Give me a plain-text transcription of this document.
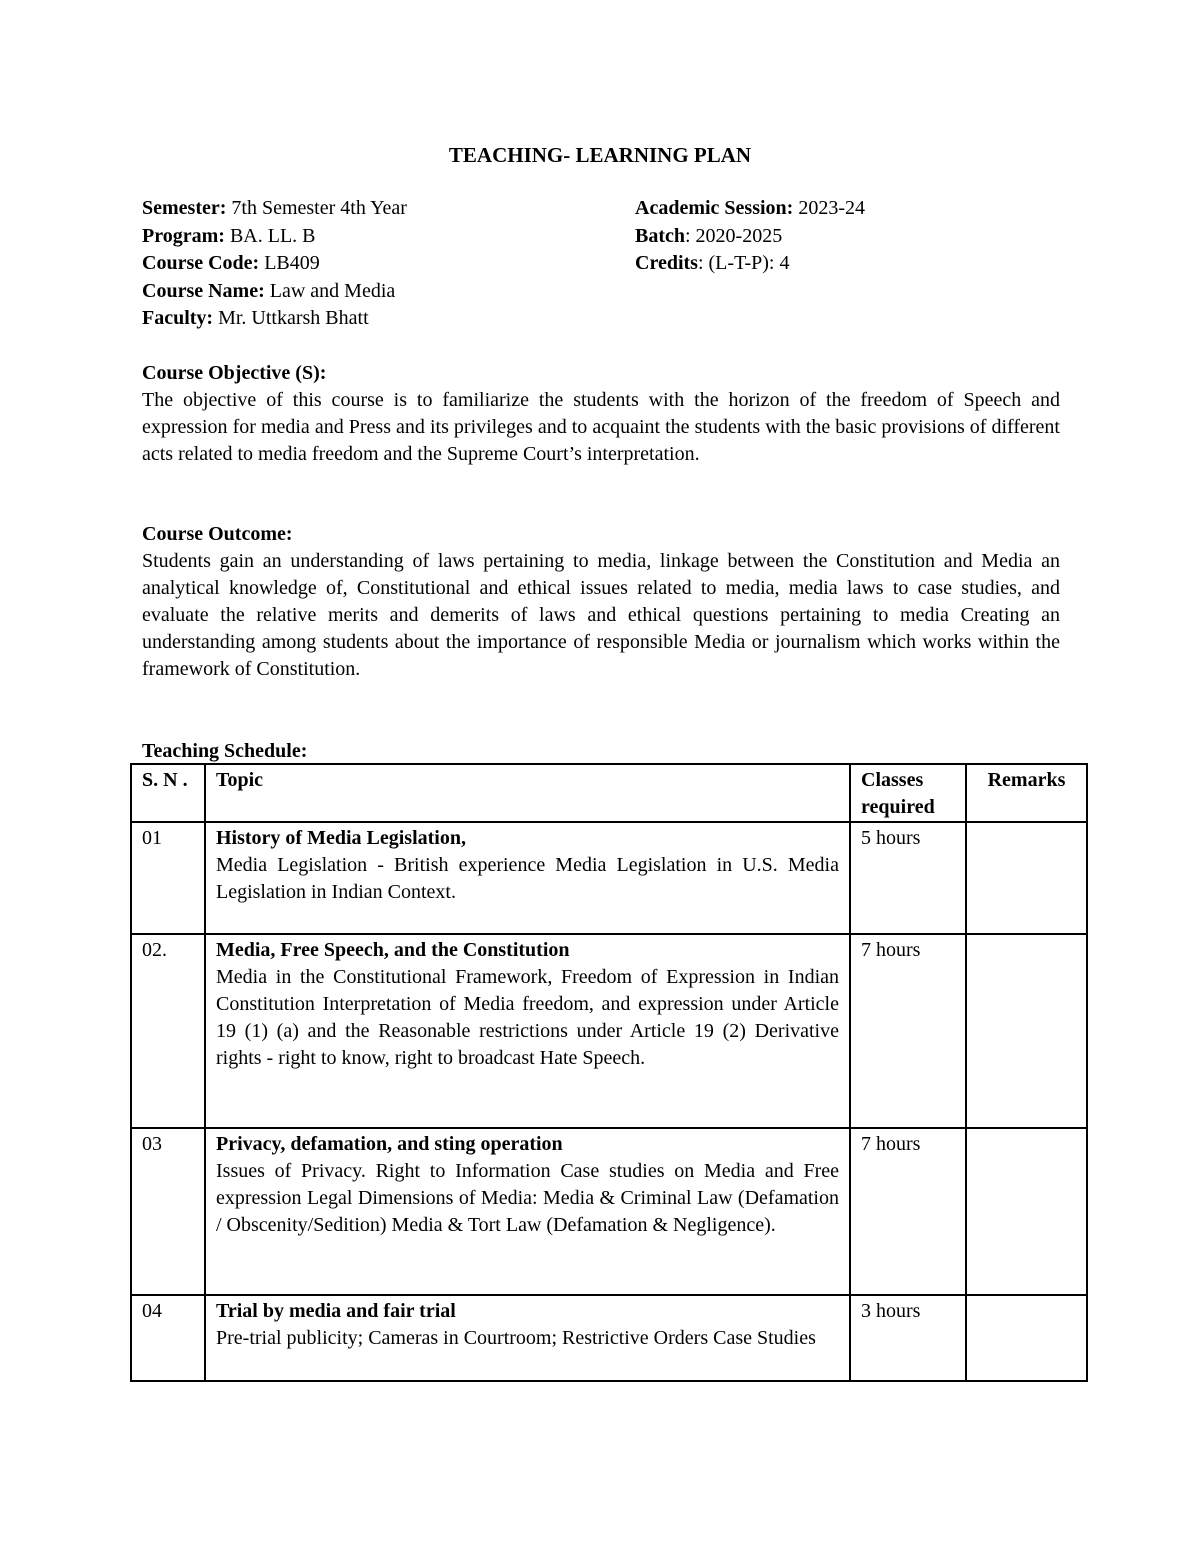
TEACHING- LEARNING PLAN
Semester: 7th Semester 4th Year
Program: BA. LL. B
Course Code: LB409
Course Name: Law and Media
Faculty: Mr. Uttkarsh Bhatt
Academic Session: 2023-24
Batch: 2020-2025
Credits: (L-T-P): 4
Course Objective (S):
The objective of this course is to familiarize the students with the horizon of the freedom of Speech and expression for media and Press and its privileges and to acquaint the students with the basic provisions of different acts related to media freedom and the Supreme Court’s interpretation.
Course Outcome:
Students gain an understanding of laws pertaining to media, linkage between the Constitution and Media an analytical knowledge of, Constitutional and ethical issues related to media, media laws to case studies, and evaluate the relative merits and demerits of laws and ethical questions pertaining to media Creating an understanding among students about the importance of responsible Media or journalism which works within the framework of Constitution.
Teaching Schedule:
S. N .	Topic	Classes required	Remarks
01	History of Media Legislation,
Media Legislation - British experience Media Legislation in U.S. Media Legislation in Indian Context.	5 hours	
02.	Media, Free Speech, and the Constitution
Media in the Constitutional Framework, Freedom of Expression in Indian Constitution Interpretation of Media freedom, and expression under Article 19 (1) (a) and the Reasonable restrictions under Article 19 (2) Derivative rights - right to know, right to broadcast Hate Speech.	7 hours	
03	Privacy, defamation, and sting operation
Issues of Privacy. Right to Information Case studies on Media and Free expression Legal Dimensions of Media: Media & Criminal Law (Defamation / Obscenity/Sedition) Media & Tort Law (Defamation & Negligence).	7 hours	
04	Trial by media and fair trial
Pre-trial publicity; Cameras in Courtroom; Restrictive Orders Case Studies	3 hours	
